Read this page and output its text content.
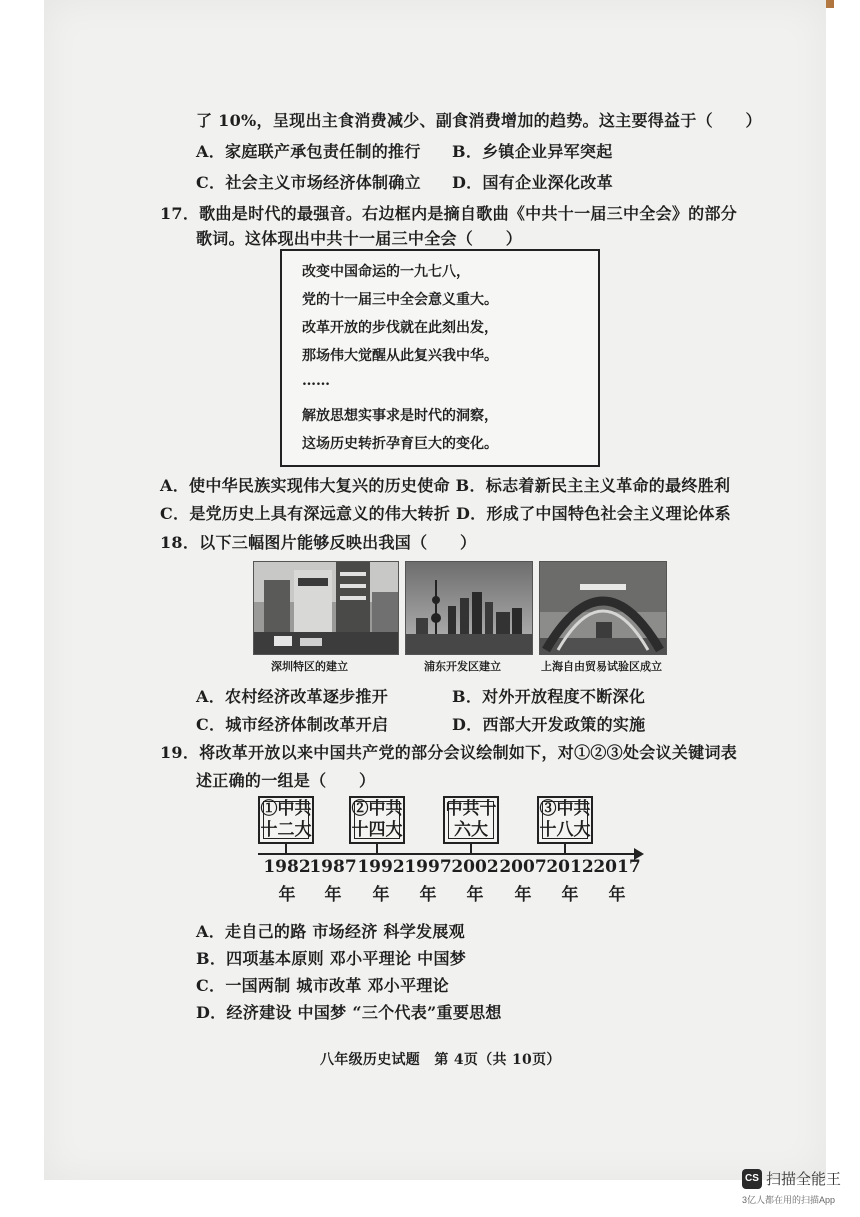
了 10%，呈现出主食消费减少、副食消费增加的趋势。这主要得益于（　　）
A．家庭联产承包责任制的推行 B．乡镇企业异军突起
C．社会主义市场经济体制确立 D．国有企业深化改革
17．歌曲是时代的最强音。右边框内是摘自歌曲《中共十一届三中全会》的部分
歌词。这体现出中共十一届三中全会（　　）
改变中国命运的一九七八，
党的十一届三中全会意义重大。
改革开放的步伐就在此刻出发，
那场伟大觉醒从此复兴我中华。
……
解放思想实事求是时代的洞察，
这场历史转折孕育巨大的变化。
A．使中华民族实现伟大复兴的历史使命 B．标志着新民主主义革命的最终胜利
C．是党历史上具有深远意义的伟大转折 D．形成了中国特色社会主义理论体系
18．以下三幅图片能够反映出我国（　　）
深圳特区的建立	浦东开发区建立	上海自由贸易试验区成立
A．农村经济改革逐步推开	B．对外开放程度不断深化
C．城市经济体制改革开启	D．西部大开发政策的实施
19．将改革开放以来中国共产党的部分会议绘制如下，对①②③处会议关键词表
述正确的一组是（　　）
①中共
十二大
②中共
十四大
中共十
六大
③中共
十八大
1982
1987 1992 1997 2002 2007 2012 2017
年	年	年	年	年	年	年	年
A．走自己的路 市场经济 科学发展观
B．四项基本原则 邓小平理论 中国梦
C．一国两制 城市改革 邓小平理论
D．经济建设 中国梦 “三个代表”重要思想
八年级历史试题　第 4页（共 10页）
CS 扫描全能王
3亿人都在用的扫描App
